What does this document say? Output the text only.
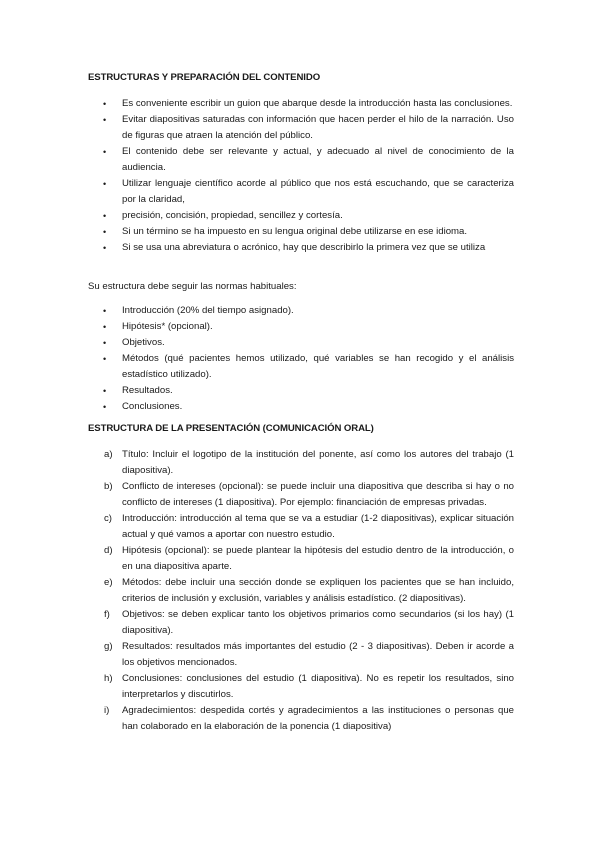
ESTRUCTURAS Y PREPARACIÓN DEL CONTENIDO
• Es conveniente escribir un guion que abarque desde la introducción hasta las conclusiones.
• Evitar diapositivas saturadas con información que hacen perder el hilo de la narración. Uso de figuras que atraen la atención del público.
• El contenido debe ser relevante y actual, y adecuado al nivel de conocimiento de la audiencia.
• Utilizar lenguaje científico acorde al público que nos está escuchando, que se caracteriza por la claridad,
• precisión, concisión, propiedad, sencillez y cortesía.
• Si un término se ha impuesto en su lengua original debe utilizarse en ese idioma.
• Si se usa una abreviatura o acrónico, hay que describirlo la primera vez que se utiliza
Su estructura debe seguir las normas habituales:
• Introducción (20% del tiempo asignado).
• Hipótesis* (opcional).
• Objetivos.
• Métodos (qué pacientes hemos utilizado, qué variables se han recogido y el análisis estadístico utilizado).
• Resultados.
• Conclusiones.
ESTRUCTURA DE LA PRESENTACIÓN (COMUNICACIÓN ORAL)
a) Título: Incluir el logotipo de la institución del ponente, así como los autores del trabajo (1 diapositiva).
b) Conflicto de intereses (opcional): se puede incluir una diapositiva que describa si hay o no conflicto de intereses (1 diapositiva). Por ejemplo: financiación de empresas privadas.
c) Introducción: introducción al tema que se va a estudiar (1-2 diapositivas), explicar situación actual y qué vamos a aportar con nuestro estudio.
d) Hipótesis (opcional): se puede plantear la hipótesis del estudio dentro de la introducción, o en una diapositiva aparte.
e) Métodos: debe incluir una sección donde se expliquen los pacientes que se han incluido, criterios de inclusión y exclusión, variables y análisis estadístico. (2 diapositivas).
f) Objetivos: se deben explicar tanto los objetivos primarios como secundarios (si los hay) (1 diapositiva).
g) Resultados: resultados más importantes del estudio (2 - 3 diapositivas). Deben ir acorde a los objetivos mencionados.
h) Conclusiones: conclusiones del estudio (1 diapositiva). No es repetir los resultados, sino interpretarlos y discutirlos.
i) Agradecimientos: despedida cortés y agradecimientos a las instituciones o personas que han colaborado en la elaboración de la ponencia (1 diapositiva)
